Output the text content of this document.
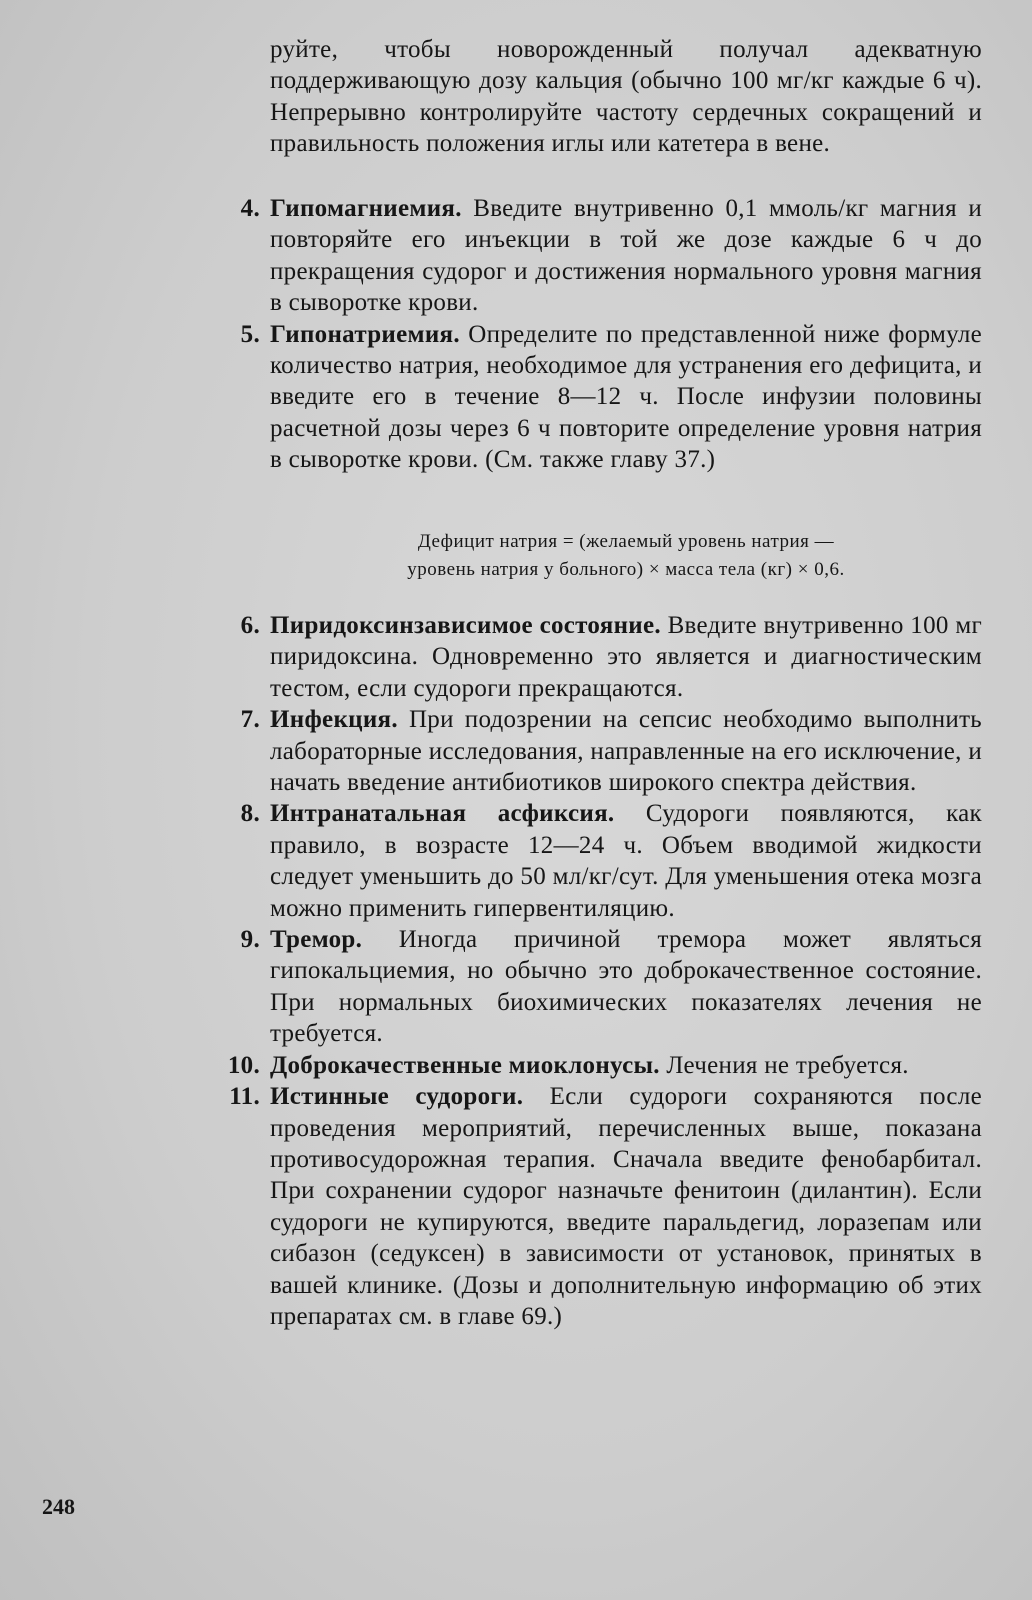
руйте, чтобы новорожденный получал адекватную поддерживающую дозу кальция (обычно 100 мг/кг каждые 6 ч). Непрерывно контролируйте частоту сердечных сокращений и правильность положения иглы или катетера в вене.

4. Гипомагниемия. Введите внутривенно 0,1 ммоль/кг магния и повторяйте его инъекции в той же дозе каждые 6 ч до прекращения судорог и достижения нормального уровня магния в сыворотке крови.
5. Гипонатриемия. Определите по представленной ниже формуле количество натрия, необходимое для устранения его дефицита, и введите его в течение 8—12 ч. После инфузии половины расчетной дозы через 6 ч повторите определение уровня натрия в сыворотке крови. (См. также главу 37.)
Дефицит натрия = (желаемый уровень натрия —
уровень натрия у больного) × масса тела (кг) × 0,6.
6. Пиридоксинзависимое состояние. Введите внутривенно 100 мг пиридоксина. Одновременно это является и диагностическим тестом, если судороги прекращаются.
7. Инфекция. При подозрении на сепсис необходимо выполнить лабораторные исследования, направленные на его исключение, и начать введение антибиотиков широкого спектра действия.
8. Интранатальная асфиксия. Судороги появляются, как правило, в возрасте 12—24 ч. Объем вводимой жидкости следует уменьшить до 50 мл/кг/сут. Для уменьшения отека мозга можно применить гипервентиляцию.
9. Тремор. Иногда причиной тремора может являться гипокальциемия, но обычно это доброкачественное состояние. При нормальных биохимических показателях лечения не требуется.
10. Доброкачественные миоклонусы. Лечения не требуется.
11. Истинные судороги. Если судороги сохраняются после проведения мероприятий, перечисленных выше, показана противосудорожная терапия. Сначала введите фенобарбитал. При сохранении судорог назначьте фенитоин (дилантин). Если судороги не купируются, введите паральдегид, лоразепам или сибазон (седуксен) в зависимости от установок, принятых в вашей клинике. (Дозы и дополнительную информацию об этих препаратах см. в главе 69.)
248
